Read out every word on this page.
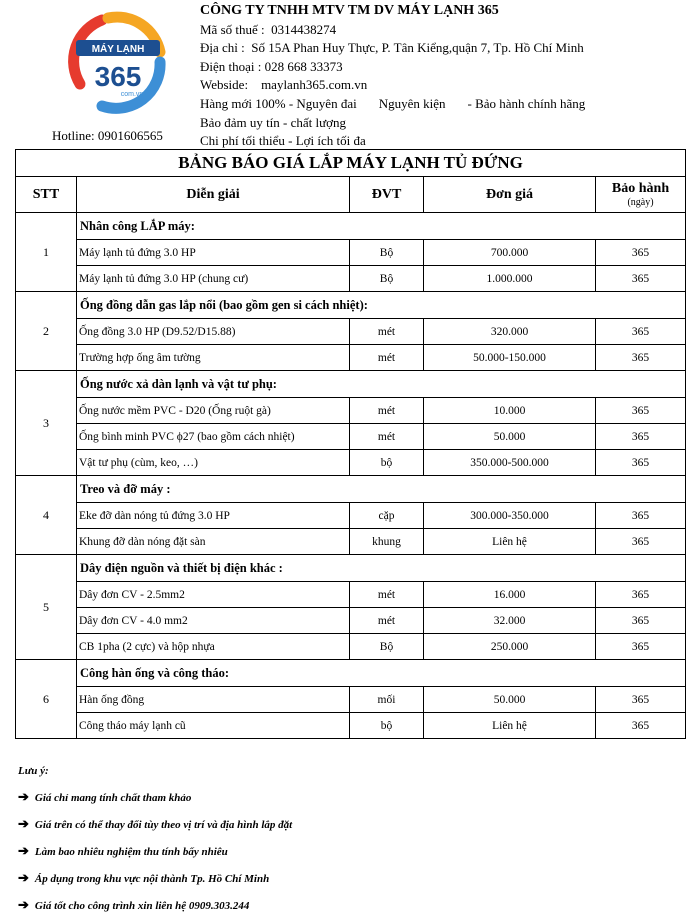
MÁY LẠNH
365
com.vn
Hotline: 0901606565
CÔNG TY TNHH MTV TM DV MÁY LẠNH 365
Mã số thuế :  0314438274
Địa chỉ :  Số 15A Phan Huy Thực, P. Tân Kiểng,quận 7, Tp. Hồ Chí Minh
Điện thoại : 028 668 33373
Webside: maylanh365.com.vn
Hàng mới 100% - Nguyên đai Nguyên kiện - Bảo hành chính hãng
Bảo đảm uy tín - chất lượng
Chi phí tối thiểu - Lợi ích tối đa
BẢNG BÁO GIÁ LẮP MÁY LẠNH TỦ ĐỨNG				
STT	Diễn giải	ĐVT	Đơn giá	Bảo hành
(ngày)

1	Nhân công LẮP máy:			
	Máy lạnh tủ đứng 3.0 HP	Bộ	700.000	365
	Máy lạnh tủ đứng 3.0 HP (chung cư)	Bộ	1.000.000	365
2	Ống đồng dẫn gas lắp nổi (bao gồm gen si cách nhiệt):			
	Ống đồng 3.0 HP (D9.52/D15.88)	mét	320.000	365
	Trường hợp ống âm tường	mét	50.000-150.000	365
3	Ống nước xả dàn lạnh và vật tư phụ:			
	Ống nước mềm PVC - D20 (Ống ruột gà)	mét	10.000	365
	Ống bình minh PVC ϕ27 (bao gồm cách nhiệt)	mét	50.000	365
	Vật tư phụ (cùm, keo, …)	bộ	350.000-500.000	365
4	Treo và đỡ máy :			
	Eke đỡ dàn nóng tủ đứng 3.0 HP	cặp	300.000-350.000	365
	Khung đỡ dàn nóng đặt sàn	khung	Liên hệ	365
5	Dây điện nguồn và thiết bị điện khác :			
	Dây đơn CV - 2.5mm2	mét	16.000	365
	Dây đơn CV - 4.0 mm2	mét	32.000	365
	CB 1pha (2 cực) và hộp nhựa	Bộ	250.000	365
6	Công hàn ống và công tháo:			
	Hàn ống đồng	mối	50.000	365
	Công tháo máy lạnh cũ	bộ	Liên hệ	365
Lưu ý:
➔ Giá chỉ mang tính chất tham khảo
➔ Giá trên có thể thay đổi tùy theo vị trí và địa hình lắp đặt
➔ Làm bao nhiêu nghiệm thu tính bấy nhiêu
➔ Áp dụng trong khu vực nội thành Tp. Hồ Chí Minh
➔ Giá tốt cho công trình xin liên hệ 0909.303.244
